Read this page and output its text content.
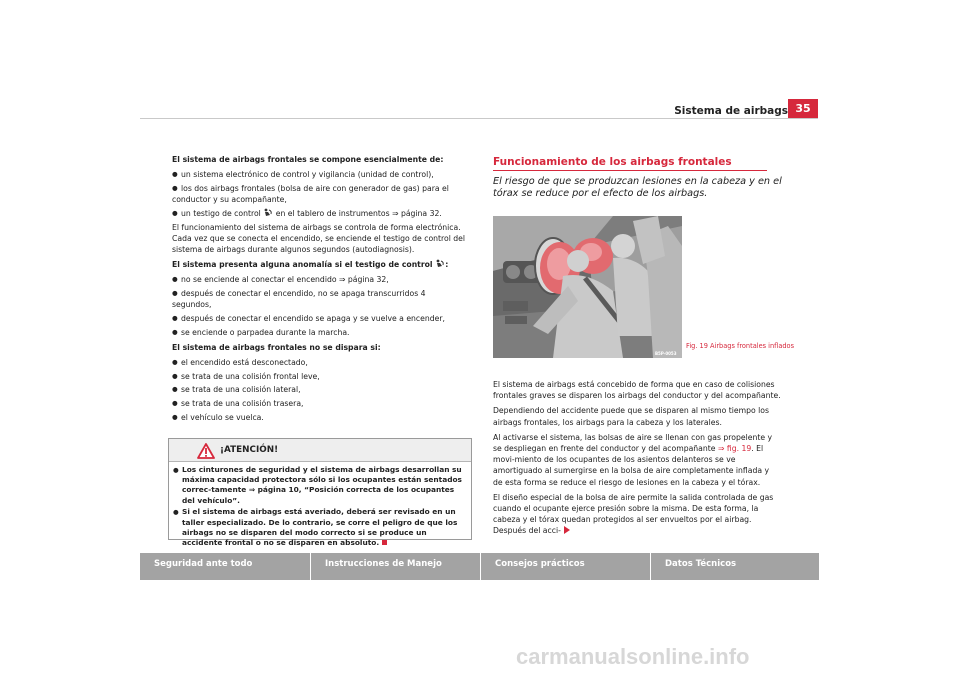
Sistema de airbags 35

El sistema de airbags frontales se compone esencialmente de:

● un sistema electrónico de control y vigilancia (unidad de control),
● los dos airbags frontales (bolsa de aire con generador de gas) para el
conductor y su acompañante,
● un testigo de control en el tablero de instrumentos ⇒ página 32.

El funcionamiento del sistema de airbags se controla de forma electrónica. Cada vez que se conecta el encendido, se enciende el testigo de control del sistema de airbags durante algunos segundos (autodiagnosis).

El sistema presenta alguna anomalía si el testigo de control :

● no se enciende al conectar el encendido ⇒ página 32,
● después de conectar el encendido, no se apaga transcurridos 4
segundos,
● después de conectar el encendido se apaga y se vuelve a encender,
● se enciende o parpadea durante la marcha.

El sistema de airbags frontales no se dispara si:

● el encendido está desconectado,
● se trata de una colisión frontal leve,
● se trata de una colisión lateral,
● se trata de una colisión trasera,
● el vehículo se vuelca.
¡ATENCIÓN!
● Los cinturones de seguridad y el sistema de airbags desarrollan su máxima capacidad protectora sólo si los ocupantes están sentados correc-tamente ⇒ página 10, “Posición correcta de los ocupantes del vehículo”.
● Si el sistema de airbags está averiado, deberá ser revisado en un taller especializado. De lo contrario, se corre el peligro de que los airbags no se disparen del modo correcto si se produce un accidente frontal o no se disparen en absoluto.
Funcionamiento de los airbags frontales
El riesgo de que se produzcan lesiones en la cabeza y en el tórax se reduce por el efecto de los airbags.
B5P-0053
Fig. 19 Airbags frontales inflados

El sistema de airbags está concebido de forma que en caso de colisiones frontales graves se disparen los airbags del conductor y del acompañante.

Dependiendo del accidente puede que se disparen al mismo tiempo los airbags frontales, los airbags para la cabeza y los laterales.

Al activarse el sistema, las bolsas de aire se llenan con gas propelente y se despliegan en frente del conductor y del acompañante ⇒ fig. 19. El movi-miento de los ocupantes de los asientos delanteros se ve amortiguado al sumergirse en la bolsa de aire completamente inflada y de esta forma se reduce el riesgo de lesiones en la cabeza y el tórax.

El diseño especial de la bolsa de aire permite la salida controlada de gas cuando el ocupante ejerce presión sobre la misma. De esta forma, la cabeza y el tórax quedan protegidos al ser envueltos por el airbag. Después del acci-

Seguridad ante todo	Instrucciones de Manejo	Consejos prácticos	Datos Técnicos
carmanualsonline.info
